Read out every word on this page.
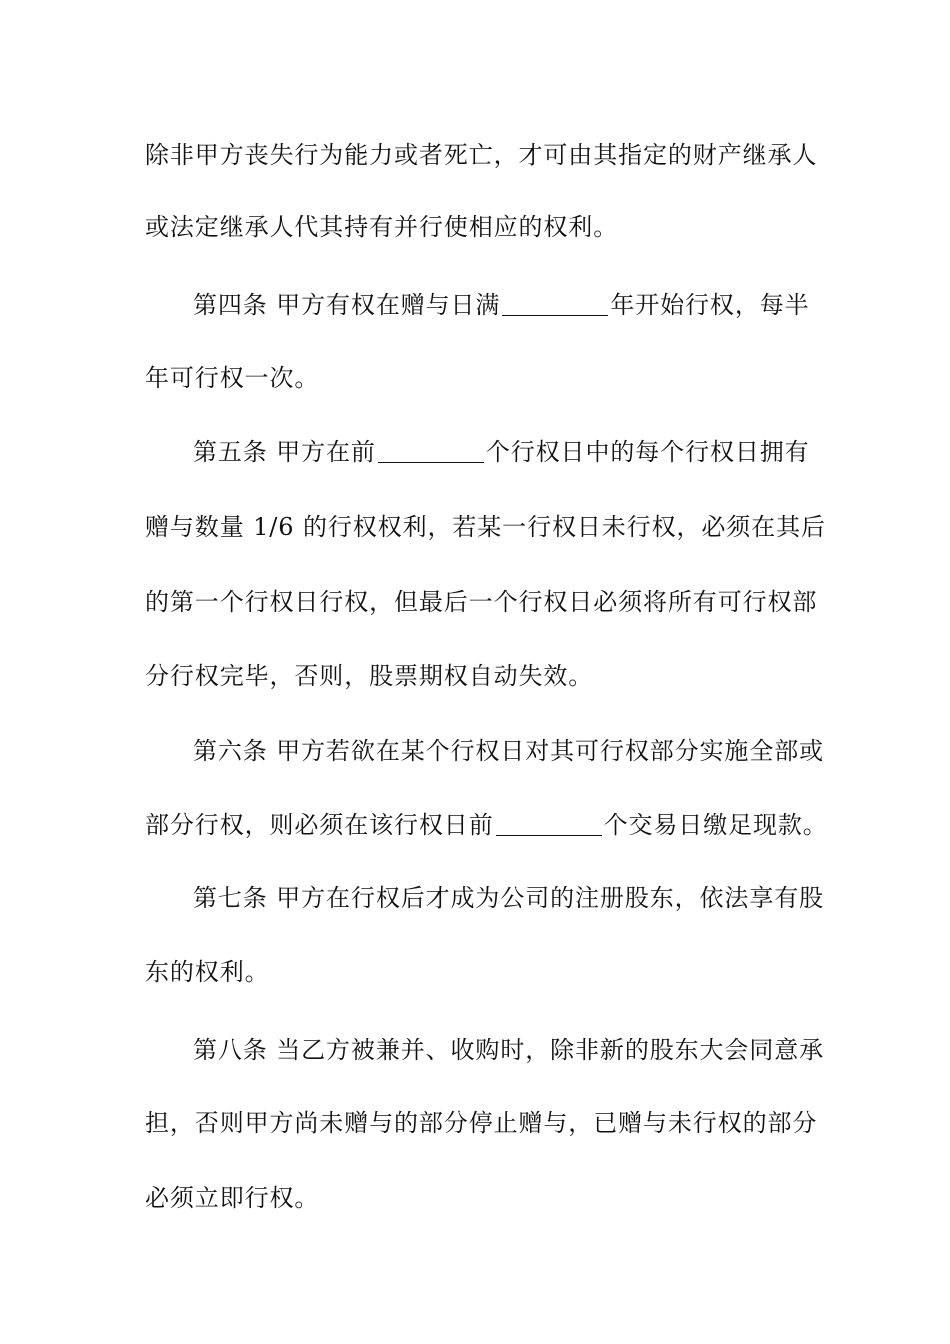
除非甲方丧失行为能力或者死亡，才可由其指定的财产继承人
或法定继承人代其持有并行使相应的权利。
第四条 甲方有权在赠与日满	年开始行权，每半
年可行权一次。
第五条 甲方在前	个行权日中的每个行权日拥有
赠与数量 1/6 的行权权利，若某一行权日未行权，必须在其后
的第一个行权日行权，但最后一个行权日必须将所有可行权部
分行权完毕，否则，股票期权自动失效。
第六条 甲方若欲在某个行权日对其可行权部分实施全部或
部分行权，则必须在该行权日前	个交易日缴足现款。
第七条 甲方在行权后才成为公司的注册股东，依法享有股
东的权利。
第八条 当乙方被兼并、收购时，除非新的股东大会同意承
担，否则甲方尚未赠与的部分停止赠与，已赠与未行权的部分
必须立即行权。
